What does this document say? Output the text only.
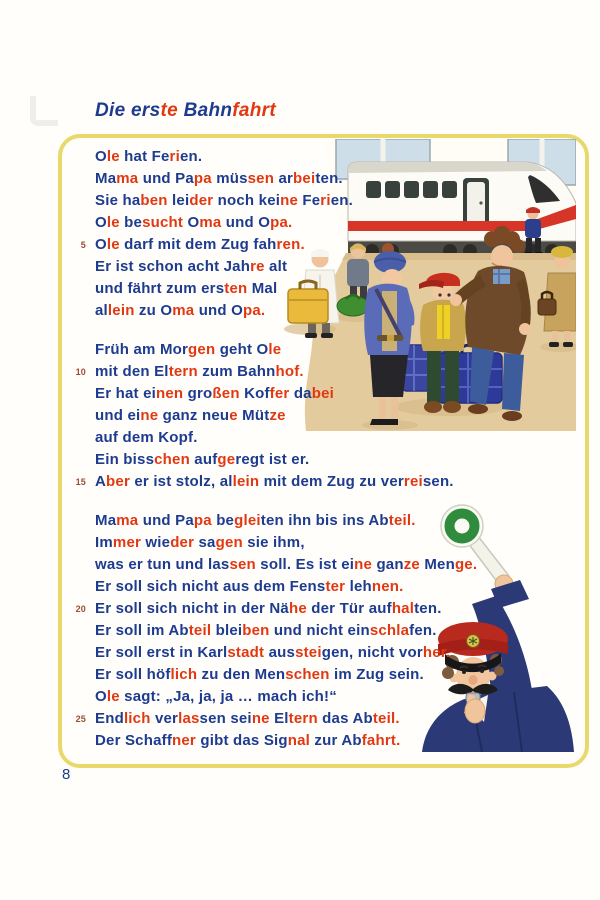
Die erste Bahnfahrt
Ole hat Ferien.
Mama und Papa müssen arbeiten.
Sie haben leider noch keine Ferien.
Ole besucht Oma und Opa.
5 Ole darf mit dem Zug fahren.
Er ist schon acht Jahre alt
und fährt zum ersten Mal
allein zu Oma und Opa.
Früh am Morgen geht Ole
10 mit den Eltern zum Bahnhof.
Er hat einen großen Koffer dabei
und eine ganz neue Mütze
auf dem Kopf.
Ein bisschen aufgeregt ist er.
15 Aber er ist stolz, allein mit dem Zug zu verreisen.
Mama und Papa begleiten ihn bis ins Abteil.
Immer wieder sagen sie ihm,
was er tun und lassen soll. Es ist eine ganze Menge.
Er soll sich nicht aus dem Fenster lehnen.
20 Er soll sich nicht in der Nähe der Tür aufhalten.
Er soll im Abteil bleiben und nicht einschlafen.
Er soll erst in Karlstadt aussteigen, nicht vorher.
Er soll höflich zu den Menschen im Zug sein.
Ole sagt: „Ja, ja, ja … mach ich!“
25 Endlich verlassen seine Eltern das Abteil.
Der Schaffner gibt das Signal zur Abfahrt.
8
